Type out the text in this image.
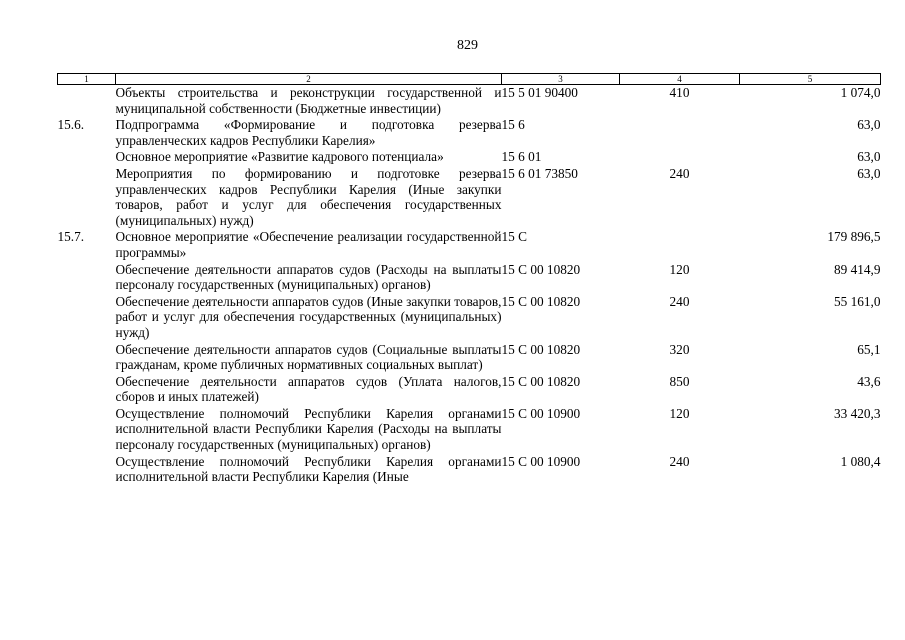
829
1	2	3	4	5
	Объекты строительства и реконструкции государственной и муниципальной собственности (Бюджетные инвестиции)	15 5 01 90400	410	1 074,0
15.6.	Подпрограмма «Формирование и подготовка резерва управленческих кадров Республики Карелия»	15 6		63,0
	Основное мероприятие «Развитие кадрового потенциала»	15 6 01		63,0
	Мероприятия по формированию и подготовке резерва управленческих кадров Республики Карелия (Иные закупки товаров, работ и услуг для обеспечения государственных (муниципальных) нужд)	15 6 01 73850	240	63,0
15.7.	Основное мероприятие «Обеспечение реализации государственной программы»	15 С		179 896,5
	Обеспечение деятельности аппаратов судов (Расходы на выплаты персоналу государственных (муниципальных) органов)	15 С 00 10820	120	89 414,9
	Обеспечение деятельности аппаратов судов (Иные закупки товаров, работ и услуг для обеспечения государственных (муниципальных) нужд)	15 С 00 10820	240	55 161,0
	Обеспечение деятельности аппаратов судов (Социальные выплаты гражданам, кроме публичных нормативных социальных выплат)	15 С 00 10820	320	65,1
	Обеспечение деятельности аппаратов судов (Уплата налогов, сборов и иных платежей)	15 С 00 10820	850	43,6
	Осуществление полномочий Республики Карелия органами исполнительной власти Республики Карелия (Расходы на выплаты персоналу государственных (муниципальных) органов)	15 С 00 10900	120	33 420,3
	Осуществление полномочий Республики Карелия органами исполнительной власти Республики Карелия (Иные	15 С 00 10900	240	1 080,4
